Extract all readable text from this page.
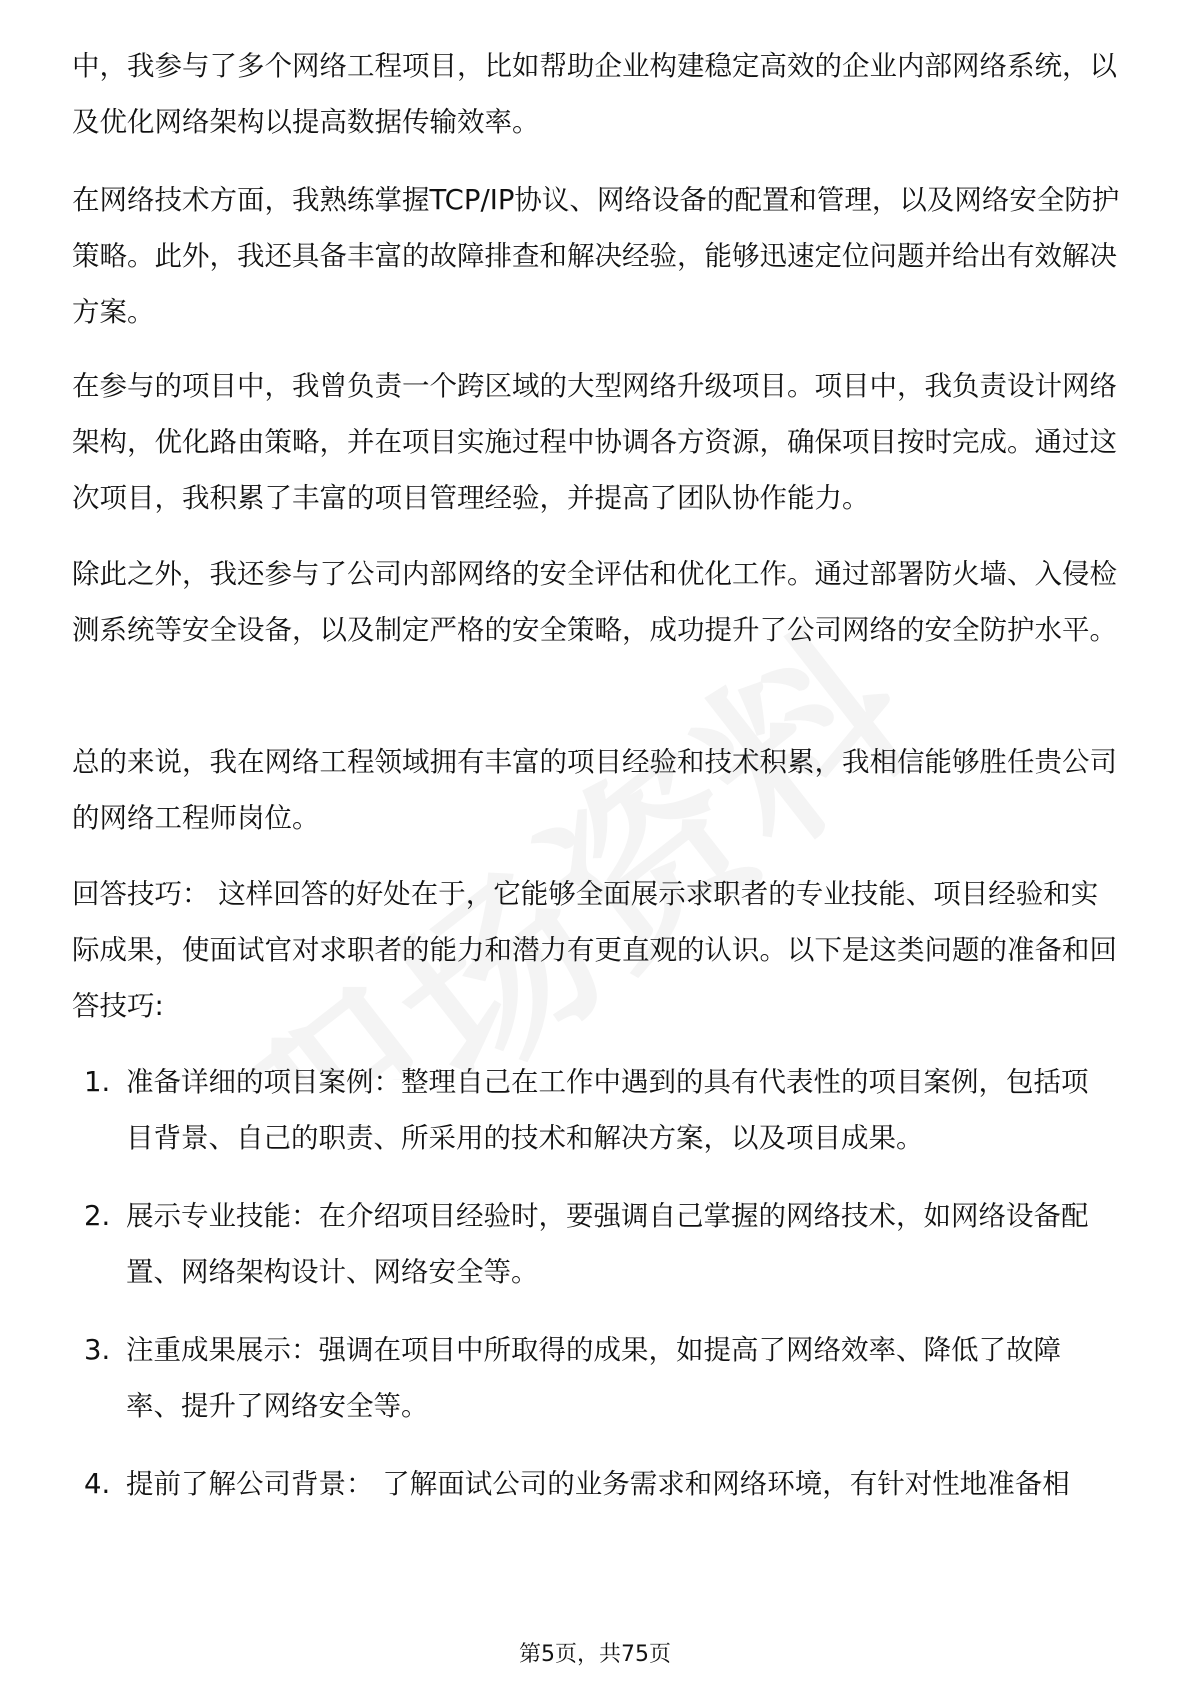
中，我参与了多个网络工程项目，比如帮助企业构建稳定高效的企业内部网络系统，以及优化网络架构以提高数据传输效率。

在网络技术方面，我熟练掌握TCP/IP协议、网络设备的配置和管理，以及网络安全防护策略。此外，我还具备丰富的故障排查和解决经验，能够迅速定位问题并给出有效解决方案。

在参与的项目中，我曾负责一个跨区域的大型网络升级项目。项目中，我负责设计网络架构，优化路由策略，并在项目实施过程中协调各方资源，确保项目按时完成。通过这次项目，我积累了丰富的项目管理经验，并提高了团队协作能力。

除此之外，我还参与了公司内部网络的安全评估和优化工作。通过部署防火墙、入侵检测系统等安全设备，以及制定严格的安全策略，成功提升了公司网络的安全防护水平。

总的来说，我在网络工程领域拥有丰富的项目经验和技术积累，我相信能够胜任贵公司的网络工程师岗位。

回答技巧： 这样回答的好处在于，它能够全面展示求职者的专业技能、项目经验和实际成果，使面试官对求职者的能力和潜力有更直观的认识。以下是这类问题的准备和回答技巧:

1. 准备详细的项目案例：整理自己在工作中遇到的具有代表性的项目案例，包括项目背景、自己的职责、所采用的技术和解决方案，以及项目成果。
2. 展示专业技能：在介绍项目经验时，要强调自己掌握的网络技术，如网络设备配置、网络架构设计、网络安全等。
3. 注重成果展示：强调在项目中所取得的成果，如提高了网络效率、降低了故障率、提升了网络安全等。
4. 提前了解公司背景： 了解面试公司的业务需求和网络环境，有针对性地准备相
第5页，共75页
